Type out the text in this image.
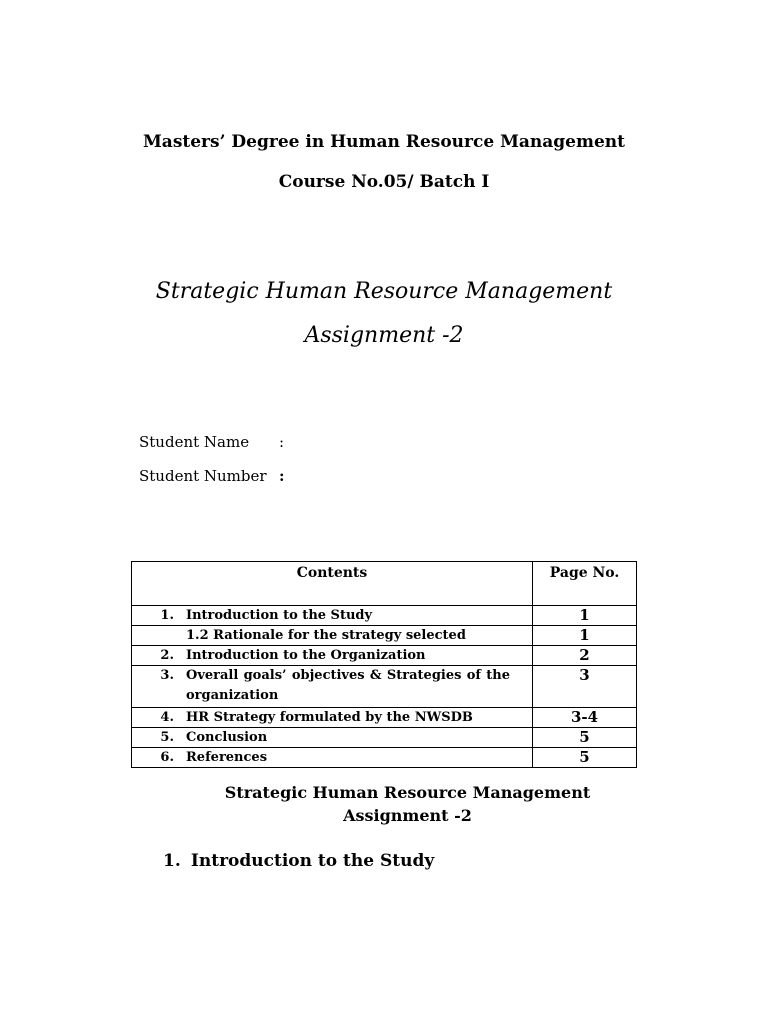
Masters’ Degree in Human Resource Management
Course No.05/ Batch I
Strategic Human Resource Management
Assignment -2
Student Name :
Student Number :
Contents	Page No.
1. Introduction to the Study	1
1.2 Rationale for the strategy selected	1
2. Introduction to the Organization	2

3. Overall goals’ objectives & Strategies of the
organization	3
4. HR Strategy formulated by the NWSDB	3-4
5. Conclusion	5
6. References	5
Strategic Human Resource Management
Assignment -2
1. Introduction to the Study
